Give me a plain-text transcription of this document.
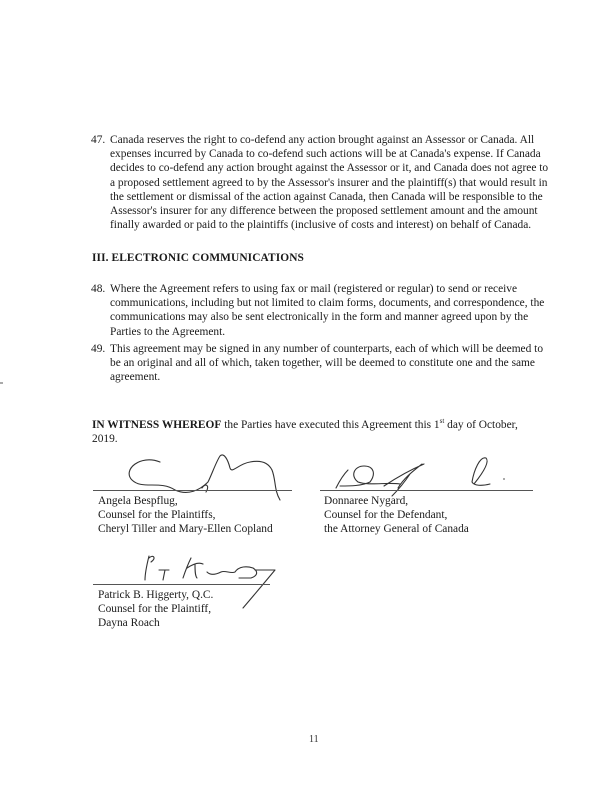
47. Canada reserves the right to co-defend any action brought against an Assessor or Canada. All expenses incurred by Canada to co-defend such actions will be at Canada's expense. If Canada decides to co-defend any action brought against the Assessor or it, and Canada does not agree to a proposed settlement agreed to by the Assessor's insurer and the plaintiff(s) that would result in the settlement or dismissal of the action against Canada, then Canada will be responsible to the Assessor's insurer for any difference between the proposed settlement amount and the amount finally awarded or paid to the plaintiffs (inclusive of costs and interest) on behalf of Canada.
III. ELECTRONIC COMMUNICATIONS
48. Where the Agreement refers to using fax or mail (registered or regular) to send or receive communications, including but not limited to claim forms, documents, and correspondence, the communications may also be sent electronically in the form and manner agreed upon by the Parties to the Agreement.
49. This agreement may be signed in any number of counterparts, each of which will be deemed to be an original and all of which, taken together, will be deemed to constitute one and the same agreement.
IN WITNESS WHEREOF the Parties have executed this Agreement this 1st day of October, 2019.
Angela Bespflug,
Counsel for the Plaintiffs,
Cheryl Tiller and Mary-Ellen Copland
Donnaree Nygard,
Counsel for the Defendant,
the Attorney General of Canada
Patrick B. Higgerty, Q.C.
Counsel for the Plaintiff,
Dayna Roach
11
